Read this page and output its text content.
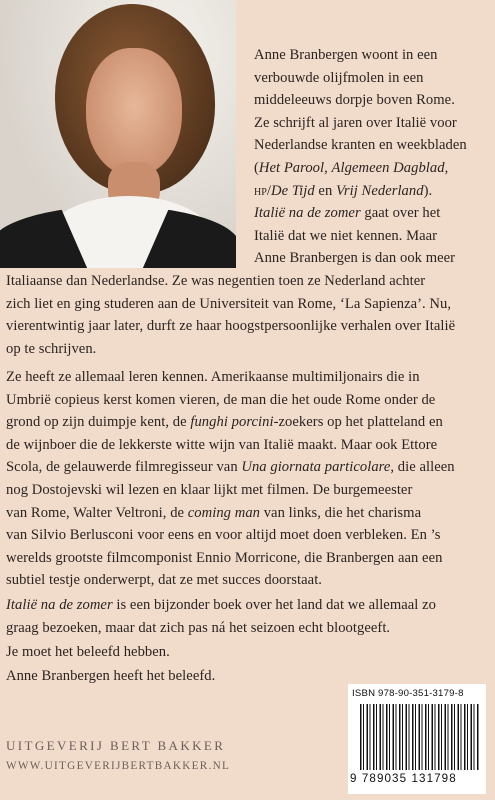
Anne Branbergen woont in een

verbouwde olijfmolen in een

middeleeuws dorpje boven Rome.

Ze schrijft al jaren over Italië voor

Nederlandse kranten en weekbladen

(Het Parool, Algemeen Dagblad,

hp/De Tijd en Vrij Nederland).

Italië na de zomer gaat over het

Italië dat we niet kennen. Maar

Anne Branbergen is dan ook meer

Italiaanse dan Nederlandse. Ze was negentien toen ze Nederland achter

zich liet en ging studeren aan de Universiteit van Rome, ‘La Sapienza’. Nu,

vierentwintig jaar later, durft ze haar hoogstpersoonlijke verhalen over Italië

op te schrijven.

Ze heeft ze allemaal leren kennen. Amerikaanse multimiljonairs die in

Umbrië copieus kerst komen vieren, de man die het oude Rome onder de

grond op zijn duimpje kent, de funghi porcini-zoekers op het platteland en

de wijnboer die de lekkerste witte wijn van Italië maakt. Maar ook Ettore

Scola, de gelauwerde filmregisseur van Una giornata particolare, die alleen

nog Dostojevski wil lezen en klaar lijkt met filmen. De burgemeester

van Rome, Walter Veltroni, de coming man van links, die het charisma

van Silvio Berlusconi voor eens en voor altijd moet doen verbleken. En ’s

werelds grootste filmcomponist Ennio Morricone, die Branbergen aan een

subtiel testje onderwerpt, dat ze met succes doorstaat.

Italië na de zomer is een bijzonder boek over het land dat we allemaal zo

graag bezoeken, maar dat zich pas ná het seizoen echt blootgeeft.

Je moet het beleefd hebben.

Anne Branbergen heeft het beleefd.

UITGEVERIJ BERT BAKKER
WWW.UITGEVERIJBERTBAKKER.NL
ISBN 978-90-351-3179-8
9 789035 131798
